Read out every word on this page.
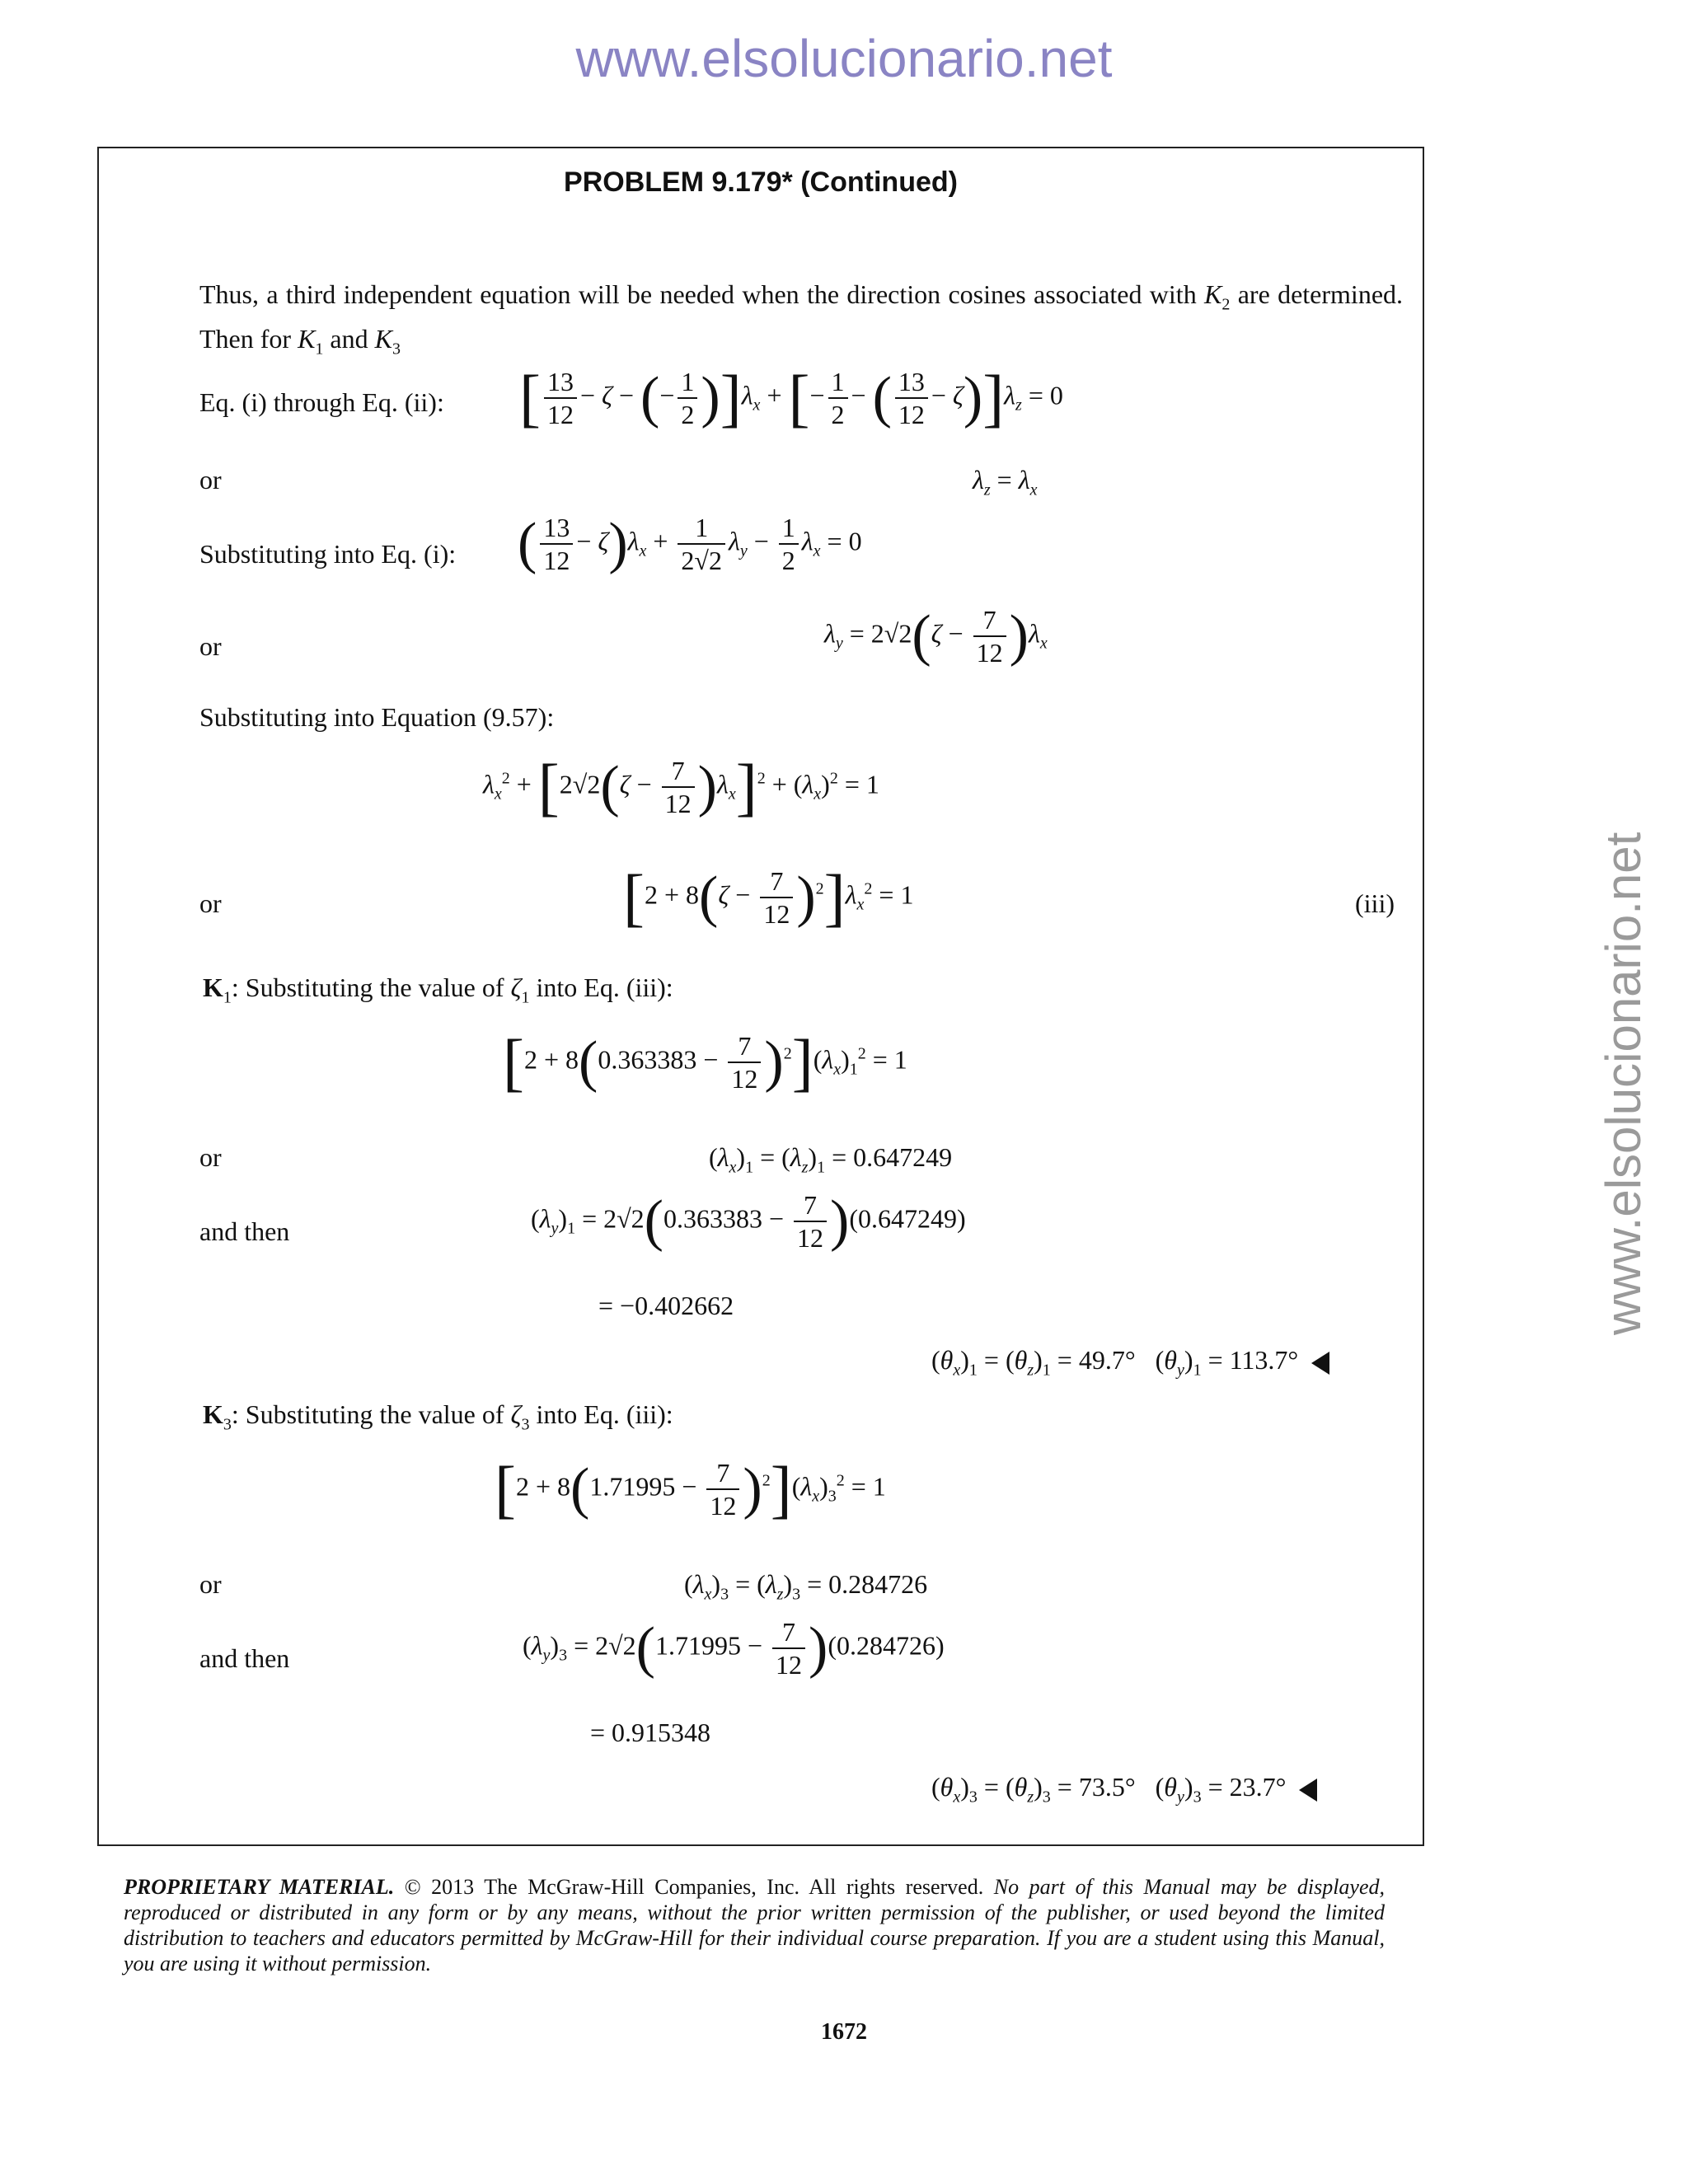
www.elsolucionario.net
www.elsolucionario.net
PROBLEM 9.179* (Continued)
Thus, a third independent equation will be needed when the direction cosines associated with $K_2$ are determined. Then for $K_1$ and $K_3$
Eq. (i) through Eq. (ii): [ $\frac{13}{12} - \zeta$ − (− $\frac{1}{2} )]\lambda_x$ + [− $\frac{1}{2}$ − ( $\frac{13}{12} - \zeta)]\lambda_z = 0$
or	$\lambda_z = \lambda_x$
Substituting into Eq. (i): ( $\frac{13}{12} - \zeta)\lambda_x + \frac{1}{2√2} \lambda_y - \frac{1}{2} \lambda_x = 0$
or	$\lambda_y = 2√2(\zeta - \frac{7}{12} )\lambda_x$
Substituting into Equation (9.57):
$\lambda_x^2 + [2√2(\zeta - \frac{7}{12} )\lambda_x]^2 + (\lambda_x)^2 = 1$
or	$[2 + 8(\zeta - \frac{7}{12} )^2]\lambda_x^2 = 1$	(iii)
$K_1$: Substituting the value of $\zeta_1$ into Eq. (iii):
$[2 + 8(0.363383 - \frac{7}{12} )^2](\lambda_x)_1^2 = 1$
or	$(\lambda_x)_1 = (\lambda_z)_1 = 0.647249$
and then	$(\lambda_y)_1 = 2√2(0.363383 - \frac{7}{12} )(0.647249)$
= −0.402662
$(\theta_x)_1 = (\theta_z)_1 = 49.7^\circ$   $(\theta_y)_1 = 113.7^\circ$
$K_3$: Substituting the value of $\zeta_3$ into Eq. (iii):
$[2 + 8(1.71995 - \frac{7}{12} )^2](\lambda_x)_3^2 = 1$
or	$(\lambda_x)_3 = (\lambda_z)_3 = 0.284726$
and then	$(\lambda_y)_3 = 2√2(1.71995 - \frac{7}{12} )(0.284726)$
= 0.915348
$(\theta_x)_3 = (\theta_z)_3 = 73.5^\circ$   $(\theta_y)_3 = 23.7^\circ$
PROPRIETARY MATERIAL. © 2013 The McGraw-Hill Companies, Inc. All rights reserved. No part of this Manual may be displayed, reproduced or distributed in any form or by any means, without the prior written permission of the publisher, or used beyond the limited distribution to teachers and educators permitted by McGraw-Hill for their individual course preparation. If you are a student using this Manual, you are using it without permission.
1672
